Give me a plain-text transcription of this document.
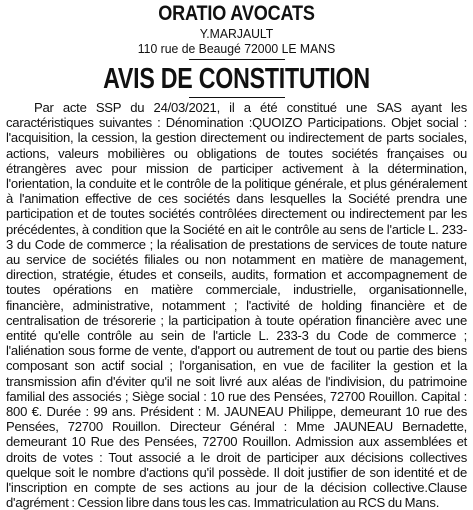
ORATIO AVOCATS
Y.MARJAULT
110 rue de Beaugé 72000 LE MANS
AVIS DE CONSTITUTION

Par acte SSP du 24/03/2021, il a été constitué une SAS ayant les caractéristiques suivantes : Dénomination :QUOIZO Participations. Objet social : l'acquisition, la cession, la gestion directement ou indirectement de parts sociales, actions, valeurs mobilières ou obligations de toutes sociétés françaises ou étrangères avec pour mission de participer activement à la détermination, l'orientation, la conduite et le contrôle de la politique générale, et plus généralement à l'animation effective de ces sociétés dans lesquelles la Société prendra une participation et de toutes sociétés contrôlées directement ou indirectement par les précédentes, à condition que la Société en ait le contrôle au sens de l'article L. 233-3 du Code de commerce ; la réalisation de prestations de services de toute nature au service de sociétés filiales ou non notamment en matière de management, direction, stratégie, études et conseils, audits, formation et accompagnement de toutes opérations en matière commerciale, industrielle, organisationnelle, financière, administrative, notamment ; l'activité de holding financière et de centralisation de trésorerie ; la participation à toute opération financière avec une entité qu'elle contrôle au sein de l'article L. 233-3 du Code de commerce ; l'aliénation sous forme de vente, d'apport ou autrement de tout ou partie des biens composant son actif social ; l'organisation, en vue de faciliter la gestion et la transmission afin d'éviter qu'il ne soit livré aux aléas de l'indivision, du patrimoine familial des associés ; Siège social : 10 rue des Pensées, 72700 Rouillon. Capital : 800 €. Durée : 99 ans. Président : M. JAUNEAU Philippe, demeurant 10 rue des Pensées, 72700 Rouillon. Directeur Général : Mme JAUNEAU Bernadette, demeurant 10 Rue des Pensées, 72700 Rouillon. Admission aux assemblées et droits de votes : Tout associé a le droit de participer aux décisions collectives quelque soit le nombre d'actions qu'il possède. Il doit justifier de son identité et de l'inscription en compte de ses actions au jour de la décision collective.Clause d'agrément : Cession libre dans tous les cas. Immatriculation au RCS du Mans.
